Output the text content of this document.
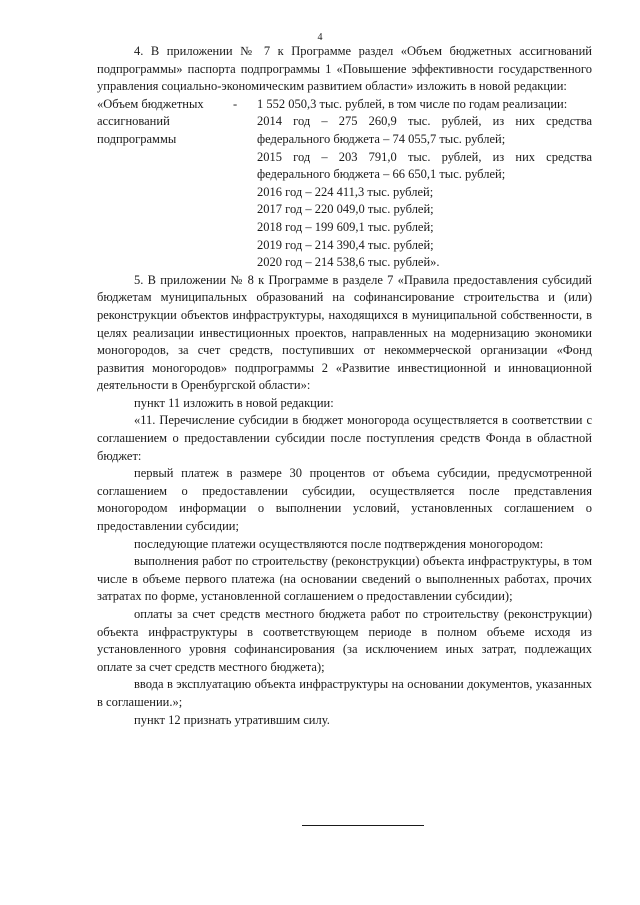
4

4. В приложении № 7 к Программе раздел «Объем бюджетных ассигнований подпрограммы» паспорта подпрограммы 1 «Повышение эффективности государственного управления социально-экономическим развитием области» изложить в новой редакции:

«Объем бюджетных ассигнований подпрограммы
-	1 552 050,3 тыс. рублей, в том числе по годам реализации:

2014 год – 275 260,9 тыс. рублей, из них средства федерального бюджета – 74 055,7 тыс. рублей;

2015 год – 203 791,0 тыс. рублей, из них средства федерального бюджета – 66 650,1 тыс. рублей;

2016 год – 224 411,3 тыс. рублей;

2017 год – 220 049,0 тыс. рублей;

2018 год – 199 609,1 тыс. рублей;

2019 год – 214 390,4 тыс. рублей;

2020 год – 214 538,6 тыс. рублей».

5. В приложении № 8 к Программе в разделе 7 «Правила предоставления субсидий бюджетам муниципальных образований на софинансирование строительства и (или) реконструкции объектов инфраструктуры, находящихся в муниципальной собственности, в целях реализации инвестиционных проектов, направленных на модернизацию экономики моногородов, за счет средств, поступивших от некоммерческой организации «Фонд развития моногородов» подпрограммы 2 «Развитие инвестиционной и инновационной деятельности в Оренбургской области»:

пункт 11 изложить в новой редакции:

«11. Перечисление субсидии в бюджет моногорода осуществляется в соответствии с соглашением о предоставлении субсидии после поступления средств Фонда в областной бюджет:

первый платеж в размере 30 процентов от объема субсидии, предусмотренной соглашением о предоставлении субсидии, осуществляется после представления моногородом информации о выполнении условий, установленных соглашением о предоставлении субсидии;

последующие платежи осуществляются после подтверждения моногородом:

выполнения работ по строительству (реконструкции) объекта инфраструктуры, в том числе в объеме первого платежа (на основании сведений о выполненных работах, прочих затратах по форме, установленной соглашением о предоставлении субсидии);

оплаты за счет средств местного бюджета работ по строительству (реконструкции) объекта инфраструктуры в соответствующем периоде в полном объеме исходя из установленного уровня софинансирования (за исключением иных затрат, подлежащих оплате за счет средств местного бюджета);

ввода в эксплуатацию объекта инфраструктуры на основании документов, указанных в соглашении.»;

пункт 12 признать утратившим силу.
